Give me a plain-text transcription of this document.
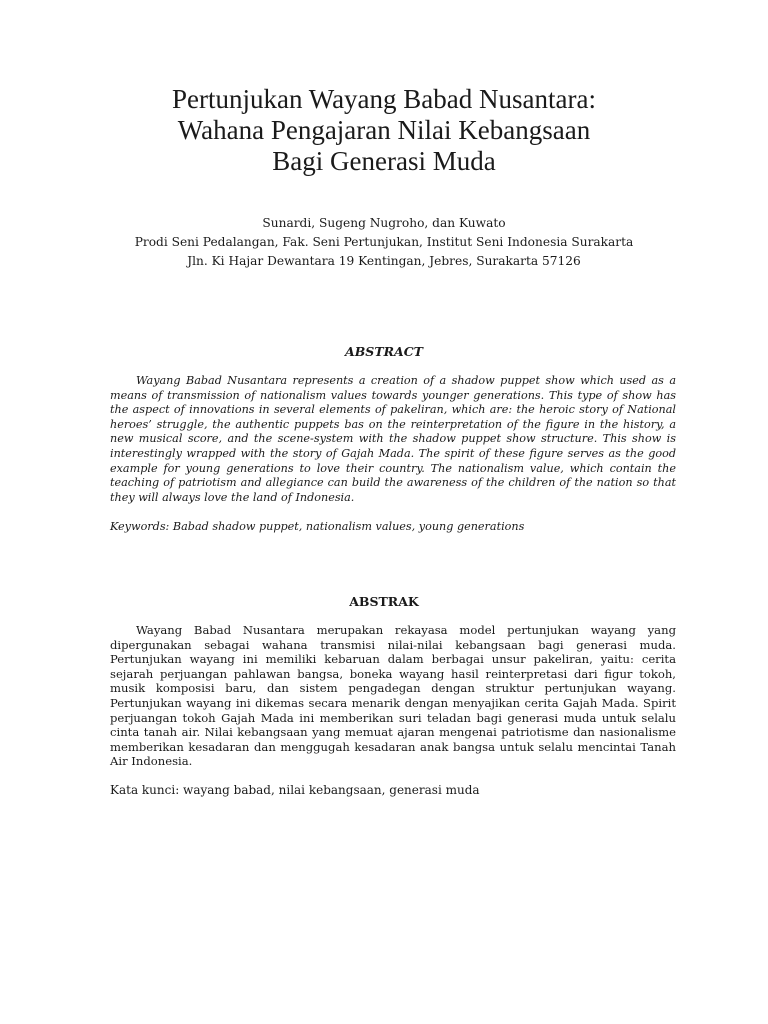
Pertunjukan Wayang Babad Nusantara:
Wahana Pengajaran Nilai Kebangsaan
Bagi Generasi Muda
Sunardi, Sugeng Nugroho, dan Kuwato
Prodi Seni Pedalangan, Fak. Seni Pertunjukan, Institut Seni Indonesia Surakarta
Jln. Ki Hajar Dewantara 19 Kentingan, Jebres, Surakarta 57126
ABSTRACT

Wayang Babad Nusantara represents a creation of a shadow puppet show which used as a means of transmission of nationalism values towards younger generations. This type of show has the aspect of innovations in several elements of pakeliran, which are: the heroic story of National heroes’ struggle, the authentic puppets bas on the reinterpretation of the figure in the history, a new musical score, and the scene-system with the shadow puppet show structure. This show is interestingly wrapped with the story of Gajah Mada. The spirit of these figure serves as the good example for young generations to love their country. The nationalism value, which contain the teaching of patriotism and allegiance can build the awareness of the children of the nation so that they will always love the land of Indonesia.

Keywords: Babad shadow puppet, nationalism values, young generations

ABSTRAK

Wayang Babad Nusantara merupakan rekayasa model pertunjukan wayang yang dipergunakan sebagai wahana transmisi nilai-nilai kebangsaan bagi generasi muda. Pertunjukan wayang ini memiliki kebaruan dalam berbagai unsur pakeliran, yaitu: cerita sejarah perjuangan pahlawan bangsa, boneka wayang hasil reinterpretasi dari figur tokoh, musik komposisi baru, dan sistem pengadegan dengan struktur pertunjukan wayang. Pertunjukan wayang ini dikemas secara menarik dengan menyajikan cerita Gajah Mada. Spirit perjuangan tokoh Gajah Mada ini memberikan suri teladan bagi generasi muda untuk selalu cinta tanah air. Nilai kebangsaan yang memuat ajaran mengenai patriotisme dan nasionalisme memberikan kesadaran dan menggugah kesadaran anak bangsa untuk selalu mencintai Tanah Air Indonesia.

Kata kunci: wayang babad, nilai kebangsaan, generasi muda
